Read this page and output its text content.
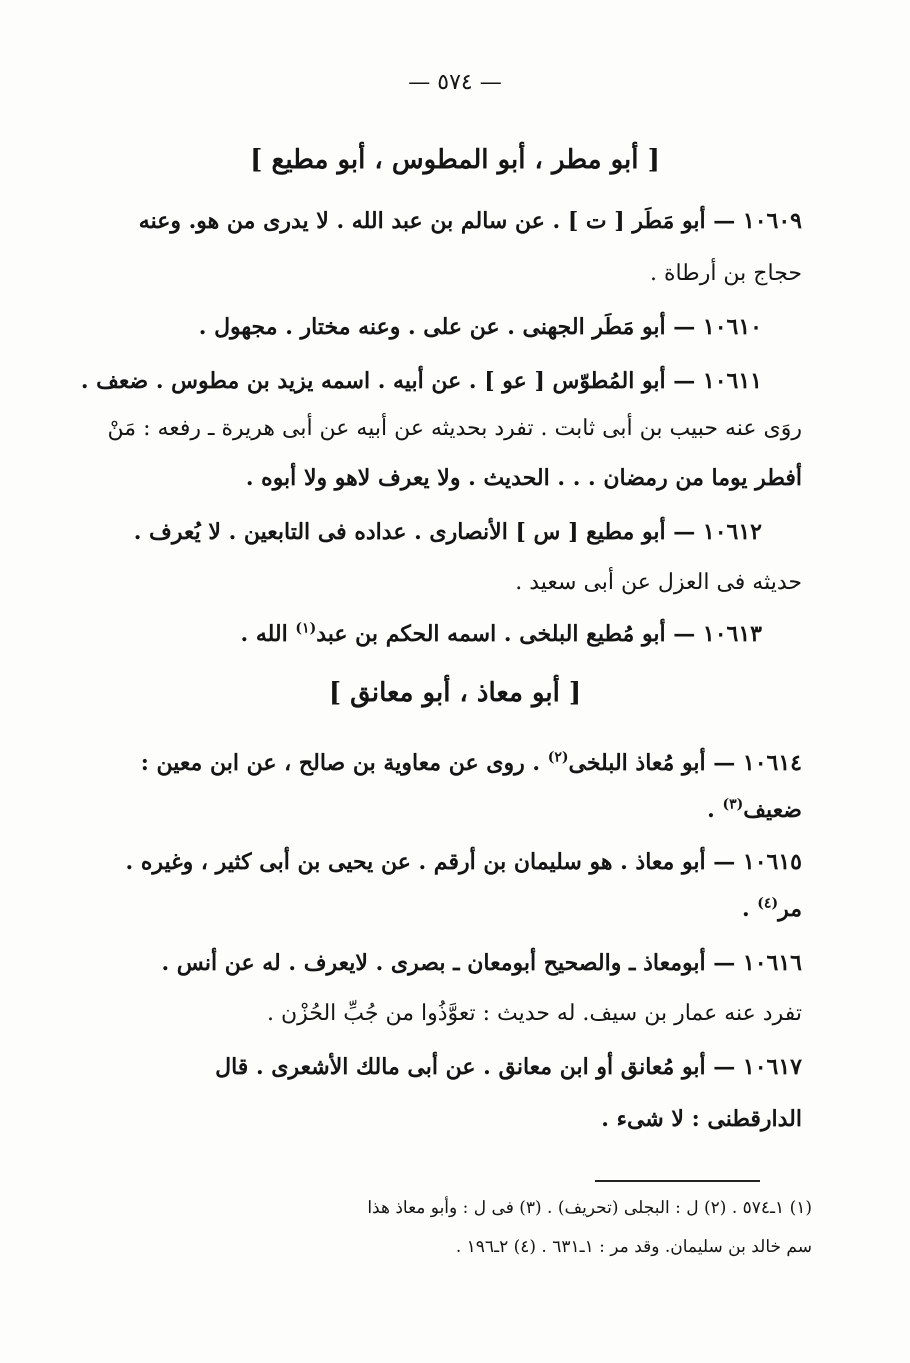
— ٥٧٤ —
[ أبو مطر ، أبو المطوس ، أبو مطيع ]
١٠٦٠٩ — أبو مَطَر [ ت ] . عن سالم بن عبد الله . لا يدرى من هو. وعنه
حجاج بن أرطاة .
١٠٦١٠ — أبو مَطَر الجهنى . عن على . وعنه مختار . مجهول .
١٠٦١١ — أبو المُطوّس [ عو ] . عن أبيه . اسمه يزيد بن مطوس . ضعف .
روَى عنه حبيب بن أبى ثابت . تفرد بحديثه عن أبيه عن أبى هريرة ـ رفعه : مَنْ
أفطر يوما من رمضان . . . الحديث . ولا يعرف لاهو ولا أبوه .
١٠٦١٢ — أبو مطيع [ س ] الأنصارى . عداده فى التابعين . لا يُعرف .
حديثه فى العزل عن أبى سعيد .
١٠٦١٣ — أبو مُطيع البلخى . اسمه الحكم بن عبد$^{(١)}$ الله .
[ أبو معاذ ، أبو معانق ]
١٠٦١٤ — أبو مُعاذ البلخى$^{(٢)}$ . روى عن معاوية بن صالح ، عن ابن معين :
ضعيف$^{(٣)}$ .
١٠٦١٥ — أبو معاذ . هو سليمان بن أرقم . عن يحيى بن أبى كثير ، وغيره .
مر$^{(٤)}$ .
١٠٦١٦ — أبومعاذ ـ والصحيح أبومعان ـ بصرى . لايعرف . له عن أنس .
تفرد عنه عمار بن سيف. له حديث : تعوَّذُوا من جُبِّ الحُزْن .
١٠٦١٧ — أبو مُعانق أو ابن معانق . عن أبى مالك الأشعرى . قال
الدارقطنى : لا شىء .
(١) ١ـ٥٧٤ . (٢) ل : البجلى (تحريف) . (٣) فى ل : وأبو معاذ هذا
سم خالد بن سليمان. وقد مر : ١ـ٦٣١ . (٤) ٢ـ١٩٦ .
